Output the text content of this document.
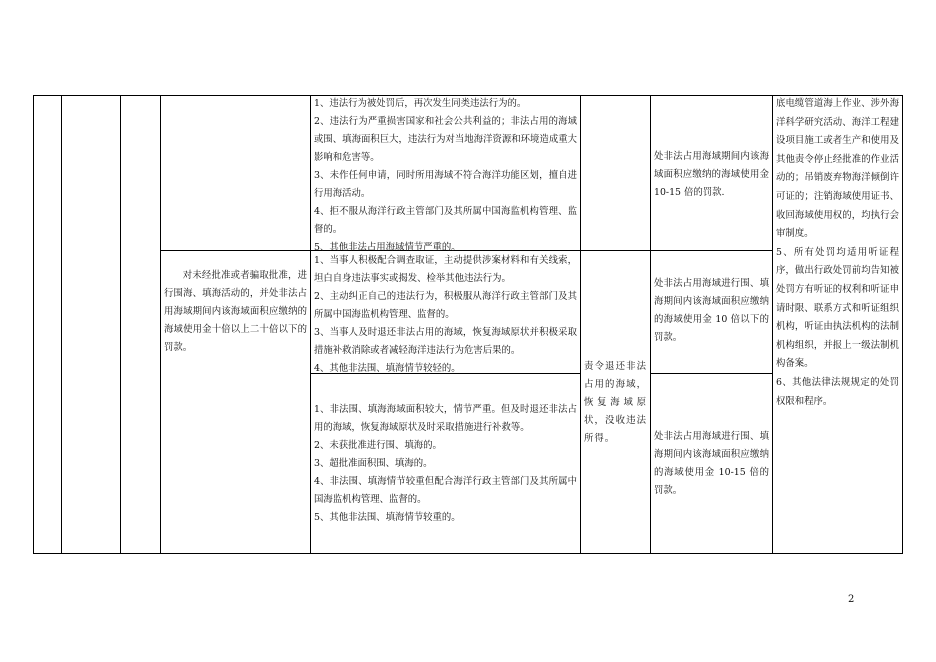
1、违法行为被处罚后，再次发生同类违法行为的。

2、违法行为严重损害国家和社会公共利益的；非法占用的海域或围、填海面积巨大，违法行为对当地海洋资源和环境造成重大影响和危害等。

3、未作任何申请，同时所用海域不符合海洋功能区划，擅自进行用海活动。

4、拒不服从海洋行政主管部门及其所属中国海监机构管理、监督的。

5、其他非法占用海域情节严重的。

处非法占用海域期间内该海域面积应缴纳的海域使用金 10-15 倍的罚款.

对未经批准或者骗取批准，进行围海、填海活动的，并处非法占用海域期间内该海域面积应缴纳的海域使用金十倍以上二十倍以下的罚款。

1、当事人积极配合调查取证，主动提供涉案材料和有关线索，坦白自身违法事实或揭发、检举其他违法行为。

2、主动纠正自己的违法行为，积极服从海洋行政主管部门及其所属中国海监机构管理、监督的。

3、当事人及时退还非法占用的海域，恢复海域原状并积极采取措施补救消除或者减轻海洋违法行为危害后果的。

4、其他非法围、填海情节较轻的。

处非法占用海域进行围、填海期间内该海域面积应缴纳的海域使用金 10 倍以下的罚款。

1、非法围、填海海域面积较大，情节严重。但及时退还非法占用的海域，恢复海域原状及时采取措施进行补救等。

2、未获批准进行围、填海的。

3、超批准面积围、填海的。

4、非法围、填海情节较重但配合海洋行政主管部门及其所属中国海监机构管理、监督的。

5、其他非法围、填海情节较重的。

处非法占用海域进行围、填海期间内该海域面积应缴纳的海域使用金 10-15 倍的罚款。

责令退还非法占用的海域，恢复海域原状，没收违法所得。

底电缆管道海上作业、涉外海洋科学研究活动、海洋工程建设项目施工或者生产和使用及其他责令停止经批准的作业活动的；吊销废弃物海洋倾倒许可证的；注销海域使用证书、收回海域使用权的，均执行会审制度。

5、所有处罚均适用听证程序，做出行政处罚前均告知被处罚方有听证的权利和听证申请时限、联系方式和听证组织机构，听证由执法机构的法制机构组织，并报上一级法制机构备案。

6、其他法律法规规定的处罚权限和程序。

2
